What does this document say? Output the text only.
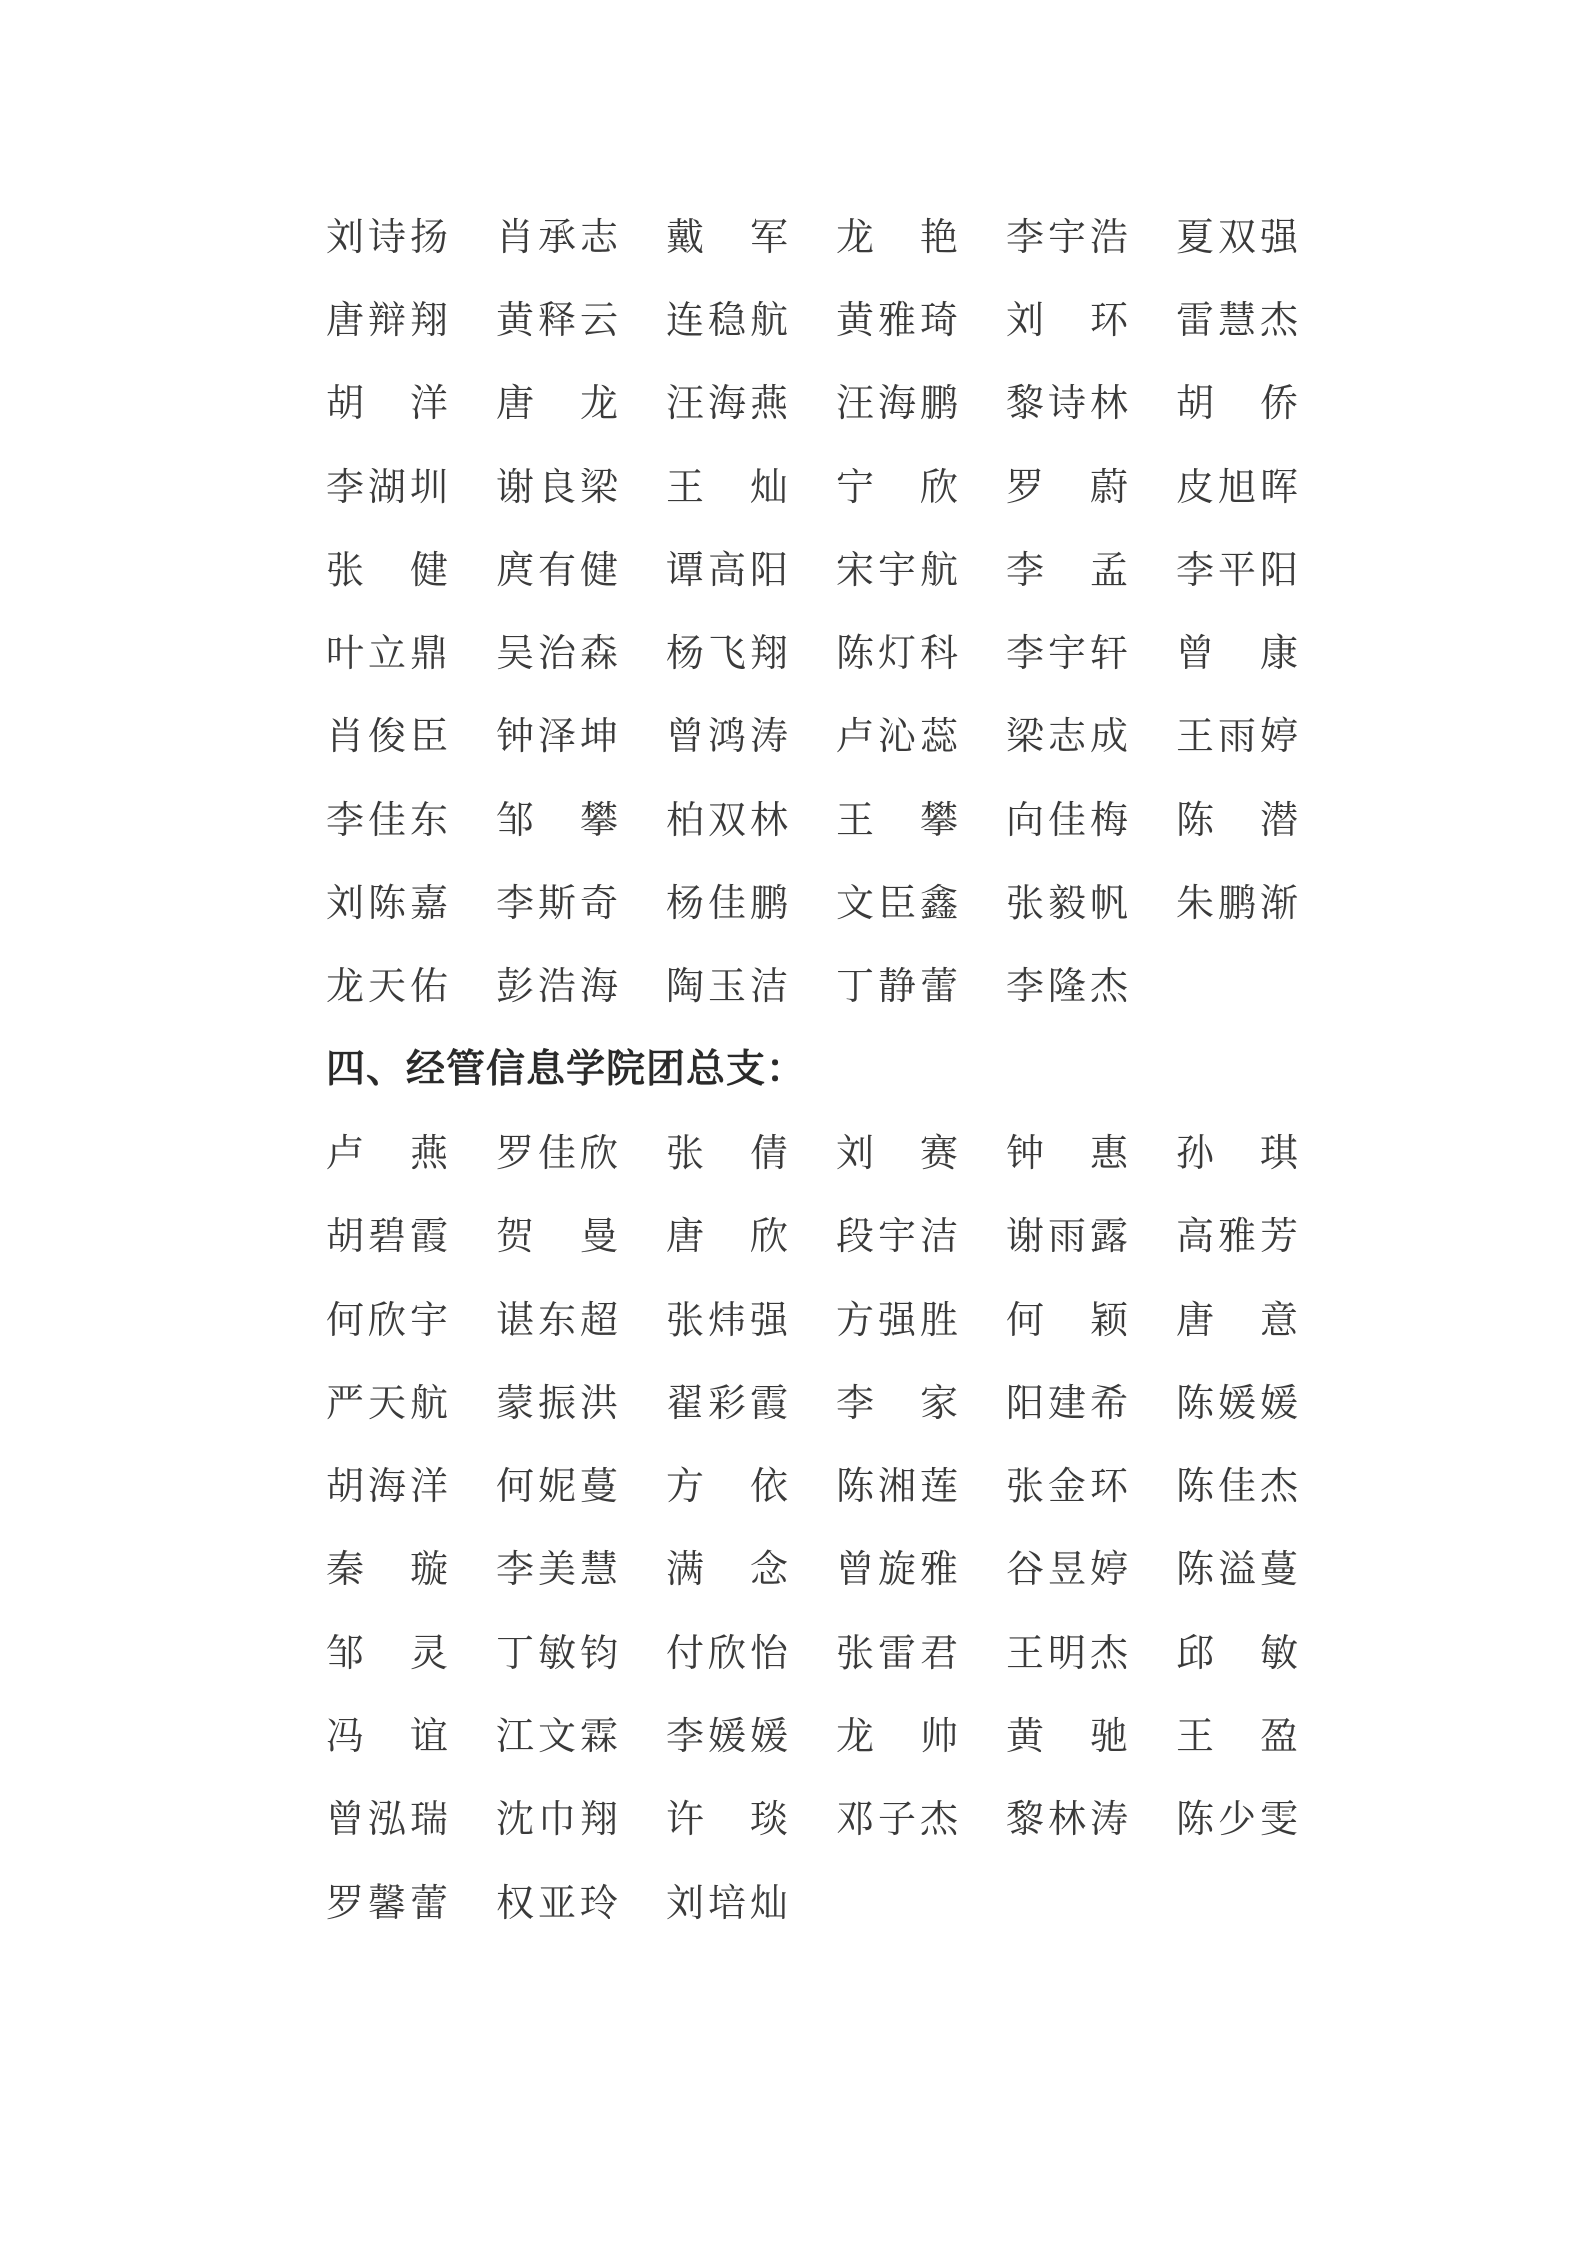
刘 诗 扬 肖 承 志 戴 军 龙 艳 李 宇 浩 夏 双 强
唐 辩 翔 黄 释 云 连 稳 航 黄 雅 琦 刘 环 雷 慧 杰
胡 洋 唐 龙 汪 海 燕 汪 海 鹏 黎 诗 林 胡 侨
李 湖 圳 谢 良 梁 王 灿 宁 欣 罗 蔚 皮 旭 晖
张 健 庹 有 健 谭 高 阳 宋 宇 航 李 孟 李 平 阳
叶 立 鼎 吴 治 森 杨 飞 翔 陈 灯 科 李 宇 轩 曾 康
肖 俊 臣 钟 泽 坤 曾 鸿 涛 卢 沁 蕊 梁 志 成 王 雨 婷
李 佳 东 邹 攀 柏 双 林 王 攀 向 佳 梅 陈 潜
刘 陈 嘉 李 斯 奇 杨 佳 鹏 文 臣 鑫 张 毅 帆 朱 鹏 渐
龙 天 佑 彭 浩 海 陶 玉 洁 丁 静 蕾 李 隆 杰
四、经管信息学院团总支：
卢 燕 罗 佳 欣 张 倩 刘 赛 钟 惠 孙 琪
胡 碧 霞 贺 曼 唐 欣 段 宇 洁 谢 雨 露 高 雅 芳
何 欣 宇 谌 东 超 张 炜 强 方 强 胜 何 颖 唐 意
严 天 航 蒙 振 洪 翟 彩 霞 李 家 阳 建 希 陈 媛 媛
胡 海 洋 何 妮 蔓 方 依 陈 湘 莲 张 金 环 陈 佳 杰
秦 璇 李 美 慧 满 念 曾 旋 雅 谷 昱 婷 陈 溢 蔓
邹 灵 丁 敏 钧 付 欣 怡 张 雷 君 王 明 杰 邱 敏
冯 谊 江 文 霖 李 媛 媛 龙 帅 黄 驰 王 盈
曾 泓 瑞 沈 巾 翔 许 琰 邓 子 杰 黎 林 涛 陈 少 雯
罗 馨 蕾 权 亚 玲 刘 培 灿
